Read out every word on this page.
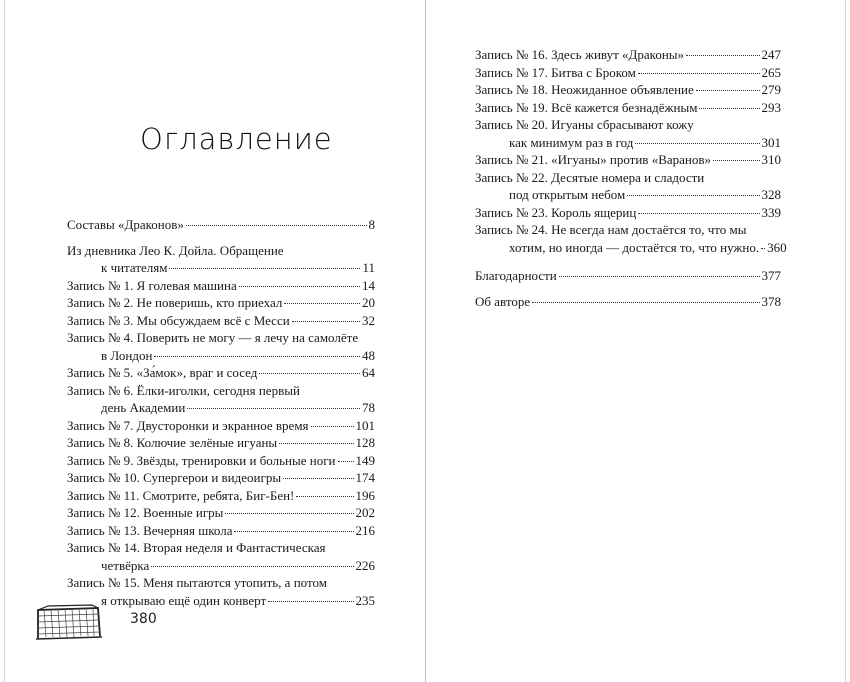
Оглавление
Составы «Драконов»	8
Из дневника Лео К. Дойла. Обращение
к читателям	11
Запись № 1. Я голевая машина	14
Запись № 2. Не поверишь, кто приехал	20
Запись № 3. Мы обсуждаем всё с Месси	32
Запись № 4. Поверить не могу — я лечу на самолёте
в Лондон	48
Запись № 5. «За́мок», враг и сосед	64
Запись № 6. Ёлки-иголки, сегодня первый
день Академии	78
Запись № 7. Двусторонки и экранное время	101
Запись № 8. Колючие зелёные игуаны	128
Запись № 9. Звёзды, тренировки и больные ноги 149
Запись № 10. Супергерои и видеоигры	174
Запись № 11. Смотрите, ребята, Биг-Бен!	196
Запись № 12. Военные игры	202
Запись № 13. Вечерняя школа	216
Запись № 14. Вторая неделя и Фантастическая
четвёрка	226
Запись № 15. Меня пытаются утопить, а потом
я открываю ещё один конверт	235
Запись № 16. Здесь живут «Драконы»	247
Запись № 17. Битва с Броком	265
Запись № 18. Неожиданное объявление	279
Запись № 19. Всё кажется безнадёжным	293
Запись № 20. Игуаны сбрасывают кожу
как минимум раз в год	301
Запись № 21. «Игуаны» против «Варанов»	310
Запись № 22. Десятые номера и сладости
под открытым небом	328
Запись № 23. Король ящериц	339
Запись № 24. Не всегда нам достаётся то, что мы
хотим, но иногда — достаётся то, что нужно. 360
Благодарности	377
Об авторе	378
380
